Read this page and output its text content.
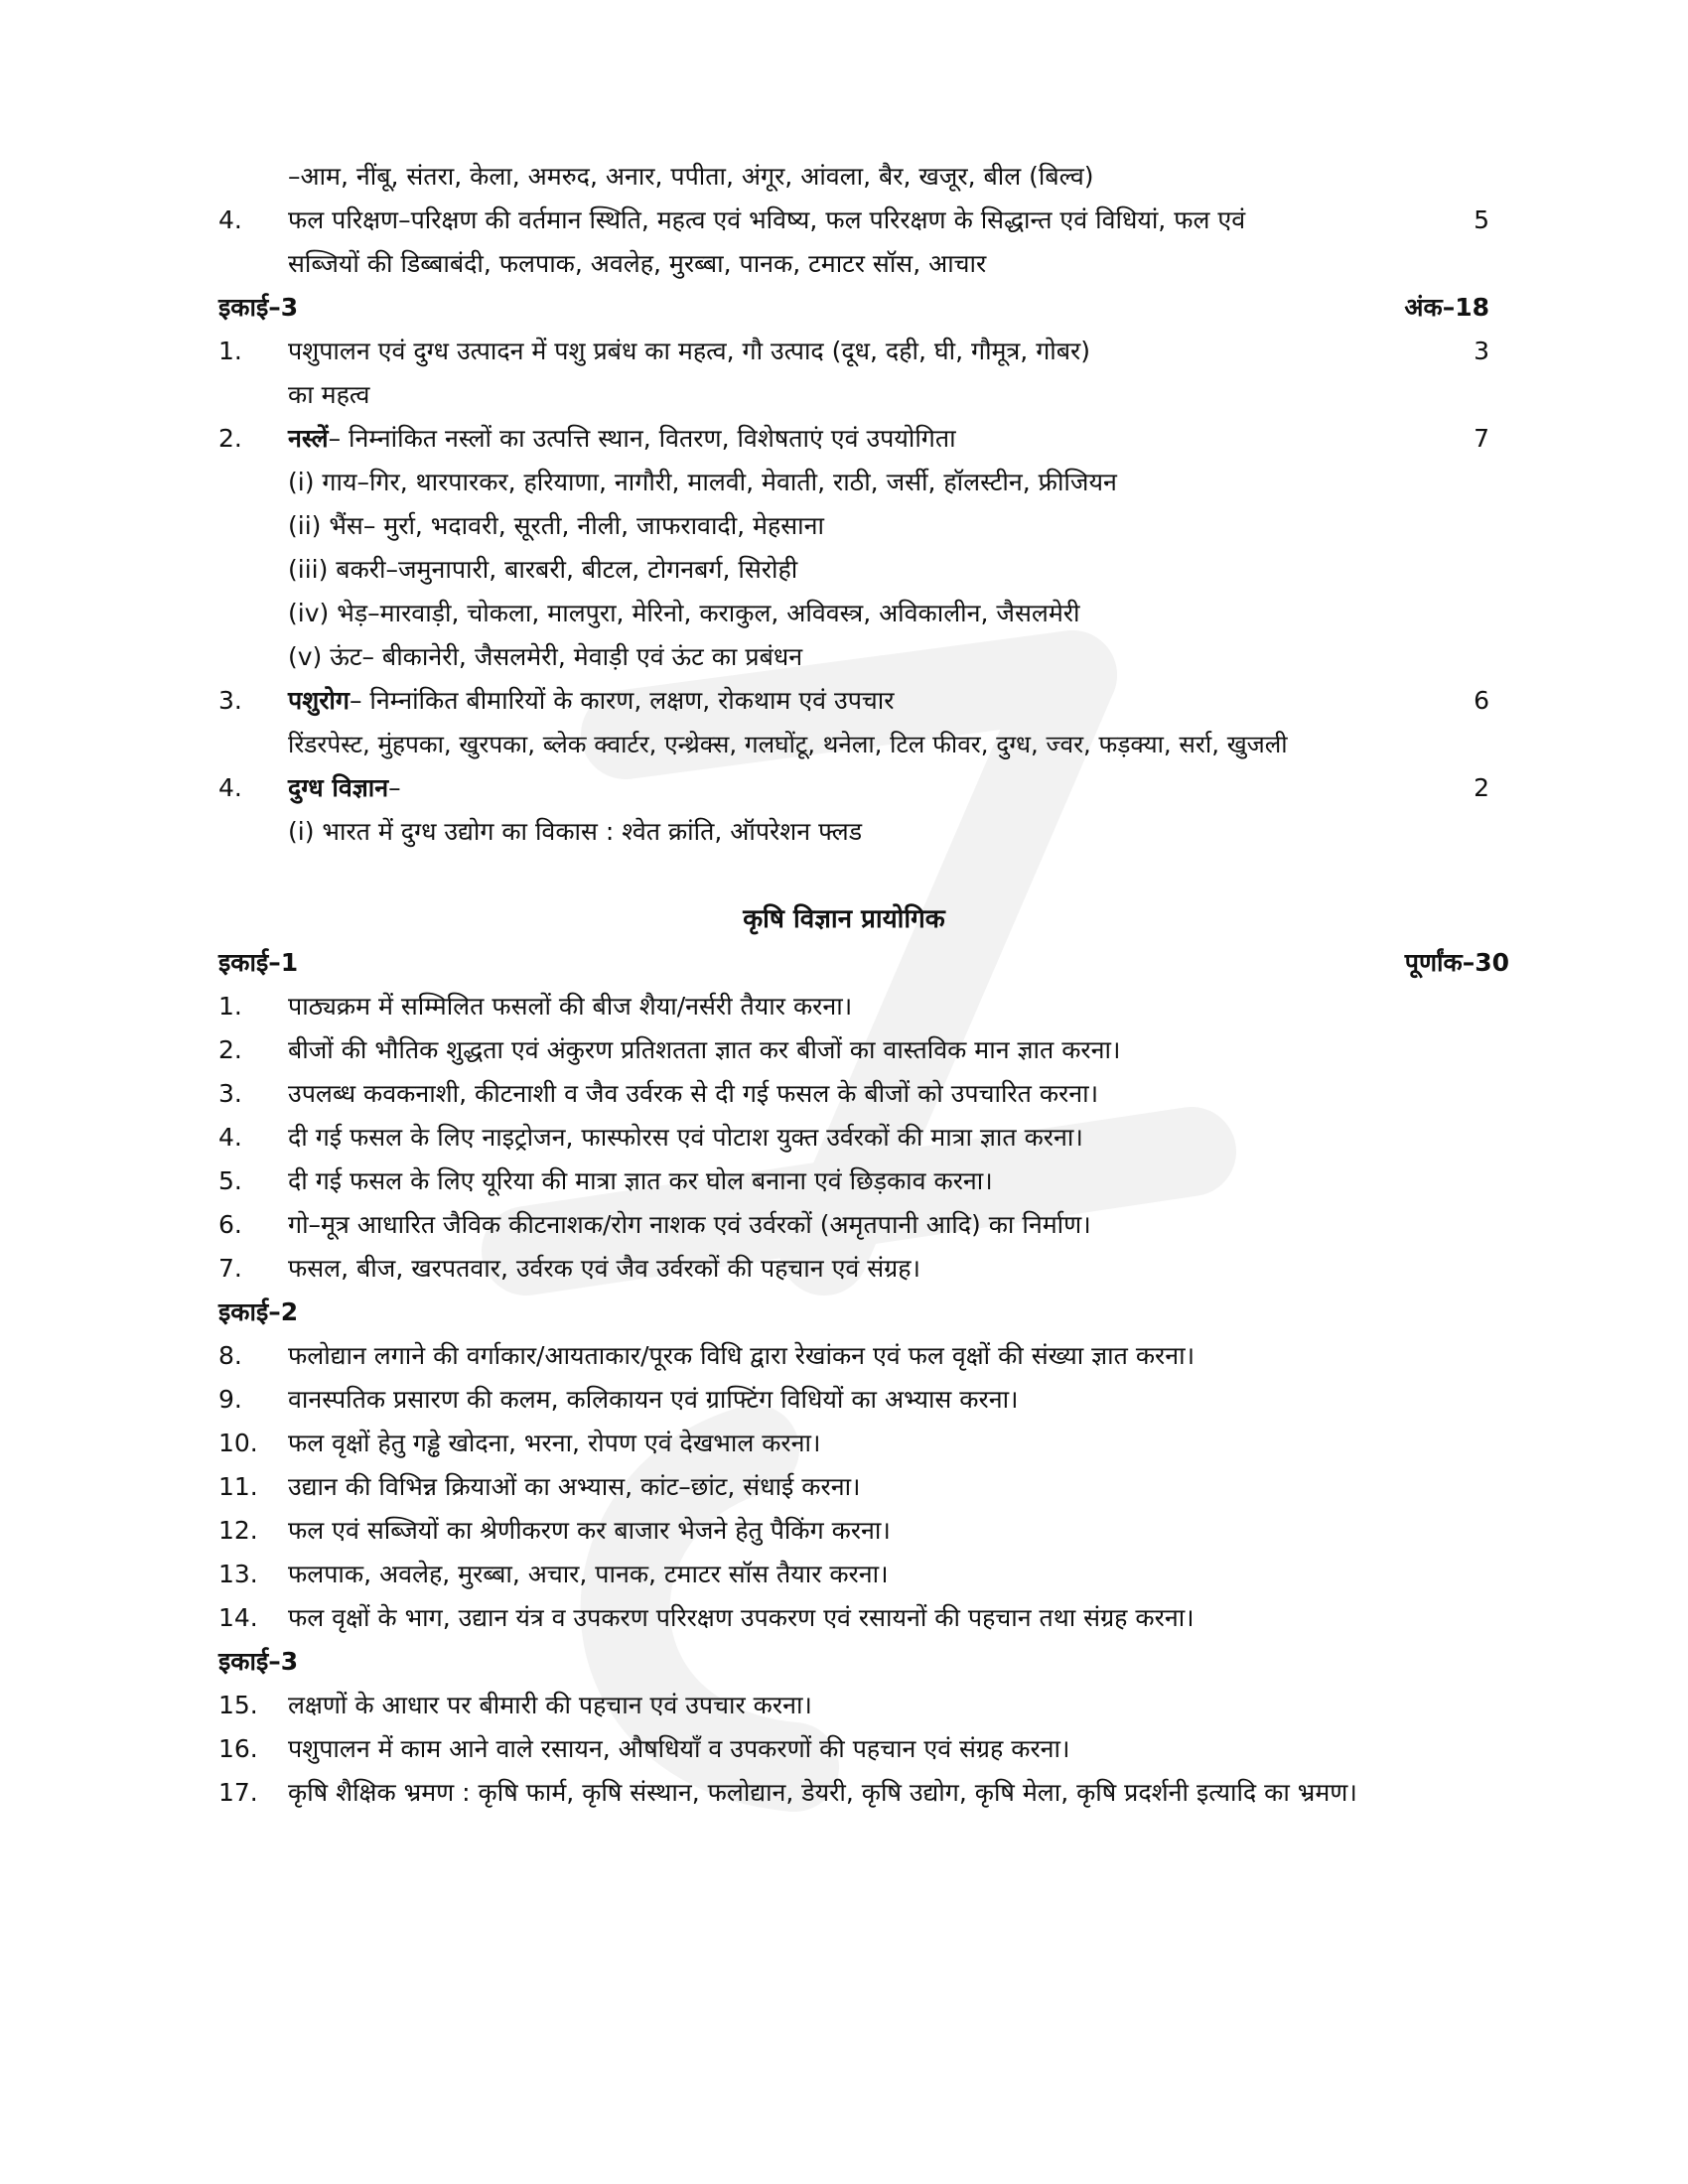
–आम, नींबू, संतरा, केला, अमरुद, अनार, पपीता, अंगूर, आंवला, बैर, खजूर, बील (बिल्व)
4.	फल परिक्षण–परिक्षण की वर्तमान स्थिति, महत्व एवं भविष्य, फल परिरक्षण के सिद्धान्त एवं विधियां, फल एवं	5
सब्जियों की डिब्बाबंदी, फलपाक, अवलेह, मुरब्बा, पानक, टमाटर सॉस, आचार
इकाई–3	अंक–18
1.	पशुपालन एवं दुग्ध उत्पादन में पशु प्रबंध का महत्व, गौ उत्पाद (दूध, दही, घी, गौमूत्र, गोबर)	3
का महत्व
2.	नस्लें– निम्नांकित नस्लों का उत्पत्ति स्थान, वितरण, विशेषताएं एवं उपयोगिता	7
(i) गाय–गिर, थारपारकर, हरियाणा, नागौरी, मालवी, मेवाती, राठी, जर्सी, हॉलस्टीन, फ्रीजियन
(ii) भैंस– मुर्रा, भदावरी, सूरती, नीली, जाफरावादी, मेहसाना
(iii) बकरी–जमुनापारी, बारबरी, बीटल, टोगनबर्ग, सिरोही
(iv) भेड़–मारवाड़ी, चोकला, मालपुरा, मेरिनो, कराकुल, अविवस्त्र, अविकालीन, जैसलमेरी
(v) ऊंट– बीकानेरी, जैसलमेरी, मेवाड़ी एवं ऊंट का प्रबंधन
3.	पशुरोग– निम्नांकित बीमारियों के कारण, लक्षण, रोकथाम एवं उपचार	6
रिंडरपेस्ट, मुंहपका, खुरपका, ब्लेक क्वार्टर, एन्थ्रेक्स, गलघोंटू, थनेला, टिल फीवर, दुग्ध, ज्वर, फड़क्या, सर्रा, खुजली
4.	दुग्ध विज्ञान–	2
(i) भारत में दुग्ध उद्योग का विकास : श्वेत क्रांति, ऑपरेशन फ्लड
कृषि विज्ञान प्रायोगिक
इकाई–1	पूर्णांक–30
1.	पाठ्यक्रम में सम्मिलित फसलों की बीज शैया/नर्सरी तैयार करना।
2.	बीजों की भौतिक शुद्धता एवं अंकुरण प्रतिशतता ज्ञात कर बीजों का वास्तविक मान ज्ञात करना।
3.	उपलब्ध कवकनाशी, कीटनाशी व जैव उर्वरक से दी गई फसल के बीजों को उपचारित करना।
4.	दी गई फसल के लिए नाइट्रोजन, फास्फोरस एवं पोटाश युक्त उर्वरकों की मात्रा ज्ञात करना।
5.	दी गई फसल के लिए यूरिया की मात्रा ज्ञात कर घोल बनाना एवं छिड़काव करना।
6.	गो–मूत्र आधारित जैविक कीटनाशक/रोग नाशक एवं उर्वरकों (अमृतपानी आदि) का निर्माण।
7.	फसल, बीज, खरपतवार, उर्वरक एवं जैव उर्वरकों की पहचान एवं संग्रह।
इकाई–2
8.	फलोद्यान लगाने की वर्गाकार/आयताकार/पूरक विधि द्वारा रेखांकन एवं फल वृक्षों की संख्या ज्ञात करना।
9.	वानस्पतिक प्रसारण की कलम, कलिकायन एवं ग्राफ्टिंग विधियों का अभ्यास करना।
10.	फल वृक्षों हेतु गड्ढे खोदना, भरना, रोपण एवं देखभाल करना।
11.	उद्यान की विभिन्न क्रियाओं का अभ्यास, कांट–छांट, संधाई करना।
12.	फल एवं सब्जियों का श्रेणीकरण कर बाजार भेजने हेतु पैकिंग करना।
13.	फलपाक, अवलेह, मुरब्बा, अचार, पानक, टमाटर सॉस तैयार करना।
14.	फल वृक्षों के भाग, उद्यान यंत्र व उपकरण परिरक्षण उपकरण एवं रसायनों की पहचान तथा संग्रह करना।
इकाई–3
15.	लक्षणों के आधार पर बीमारी की पहचान एवं उपचार करना।
16.	पशुपालन में काम आने वाले रसायन, औषधियाँ व उपकरणों की पहचान एवं संग्रह करना।
17.	कृषि शैक्षिक भ्रमण : कृषि फार्म, कृषि संस्थान, फलोद्यान, डेयरी, कृषि उद्योग, कृषि मेला, कृषि प्रदर्शनी इत्यादि का भ्रमण।
